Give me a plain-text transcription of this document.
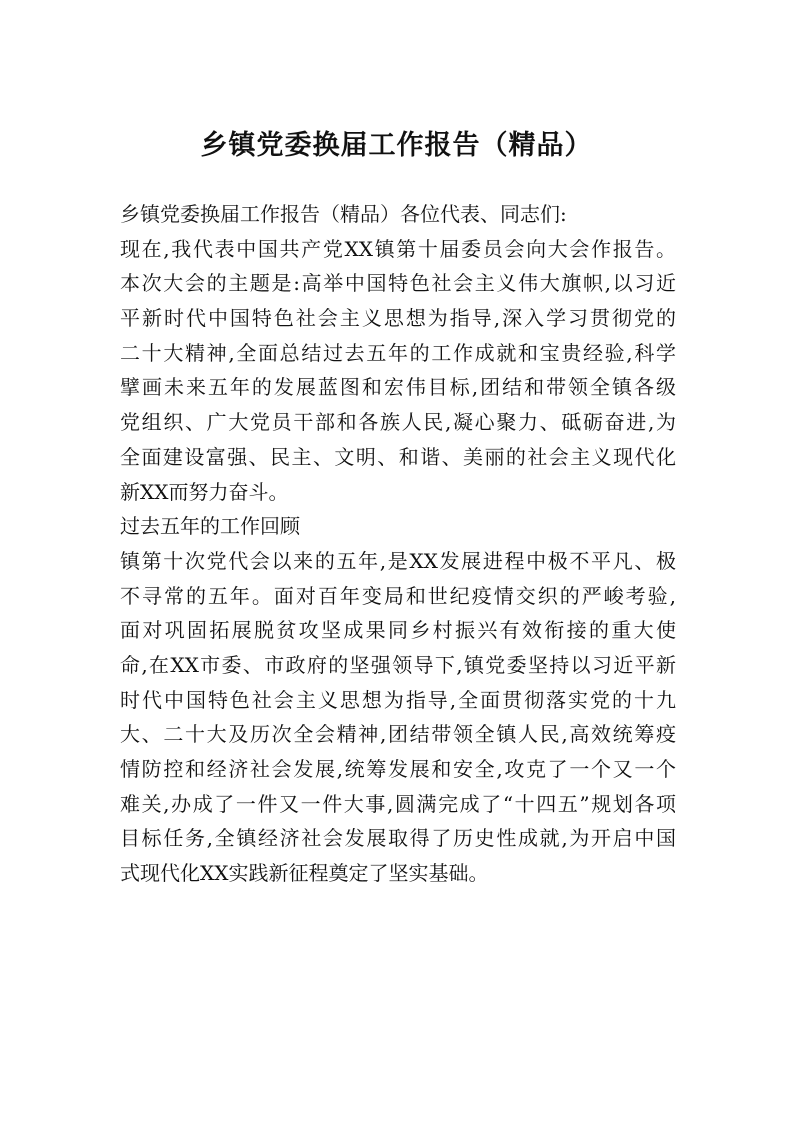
乡镇党委换届工作报告（精品）
乡镇党委换届工作报告（精品）各位代表、同志们:
现在,我代表中国共产党XX镇第十届委员会向大会作报告。
本次大会的主题是:高举中国特色社会主义伟大旗帜,以习近
平新时代中国特色社会主义思想为指导,深入学习贯彻党的
二十大精神,全面总结过去五年的工作成就和宝贵经验,科学
擘画未来五年的发展蓝图和宏伟目标,团结和带领全镇各级
党组织、广大党员干部和各族人民,凝心聚力、砥砺奋进,为
全面建设富强、民主、文明、和谐、美丽的社会主义现代化
新XX而努力奋斗。
过去五年的工作回顾
镇第十次党代会以来的五年,是XX发展进程中极不平凡、极
不寻常的五年。面对百年变局和世纪疫情交织的严峻考验,
面对巩固拓展脱贫攻坚成果同乡村振兴有效衔接的重大使
命,在XX市委、市政府的坚强领导下,镇党委坚持以习近平新
时代中国特色社会主义思想为指导,全面贯彻落实党的十九
大、二十大及历次全会精神,团结带领全镇人民,高效统筹疫
情防控和经济社会发展,统筹发展和安全,攻克了一个又一个
难关,办成了一件又一件大事,圆满完成了“十四五”规划各项
目标任务,全镇经济社会发展取得了历史性成就,为开启中国
式现代化XX实践新征程奠定了坚实基础。
